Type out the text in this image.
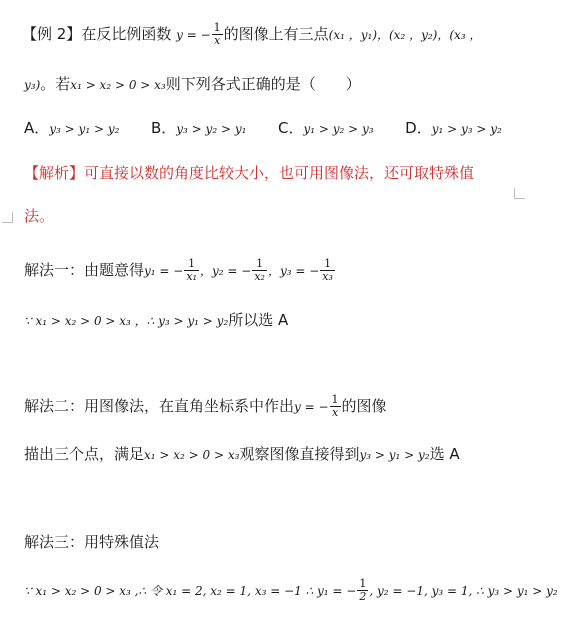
【例 2】在反比例函数 y = − $\frac{1}{x}$ 的图像上有三点(x₁ ，y₁)，(x₂ ，y₂)，(x₃ ，
y₃)。若x₁ > x₂ > 0 > x₃则下列各式正确的是（　　）
A．y₃ > y₁ > y₂ B．y₃ > y₂ > y₁ C．y₁ > y₂ > y₃ D．y₁ > y₃ > y₂
【解析】可直接以数的角度比较大小，也可用图像法，还可取特殊值
法。
解法一：由题意得y₁ = − $\frac{1}{\text{x₁}}$ ，y₂ = − $\frac{1}{\text{x₂}}$ ，y₃ = − $\frac{1}{\text{x₃}}$
∵ x₁ > x₂ > 0 > x₃ ，∴ y₃ > y₁ > y₂所以选 A
解法二：用图像法，在直角坐标系中作出y = − $\frac{1}{x}$ 的图像
描出三个点，满足x₁ > x₂ > 0 > x₃观察图像直接得到y₃ > y₁ > y₂选 A
解法三：用特殊值法
∵ x₁ > x₂ > 0 > x₃ ,∴ 令 x₁ = 2, x₂ = 1, x₃ = −1 ∴ y₁ = − $\frac{1}{2}$ , y₂ = −1, y₃ = 1, ∴ y₃ > y₁ > y₂
